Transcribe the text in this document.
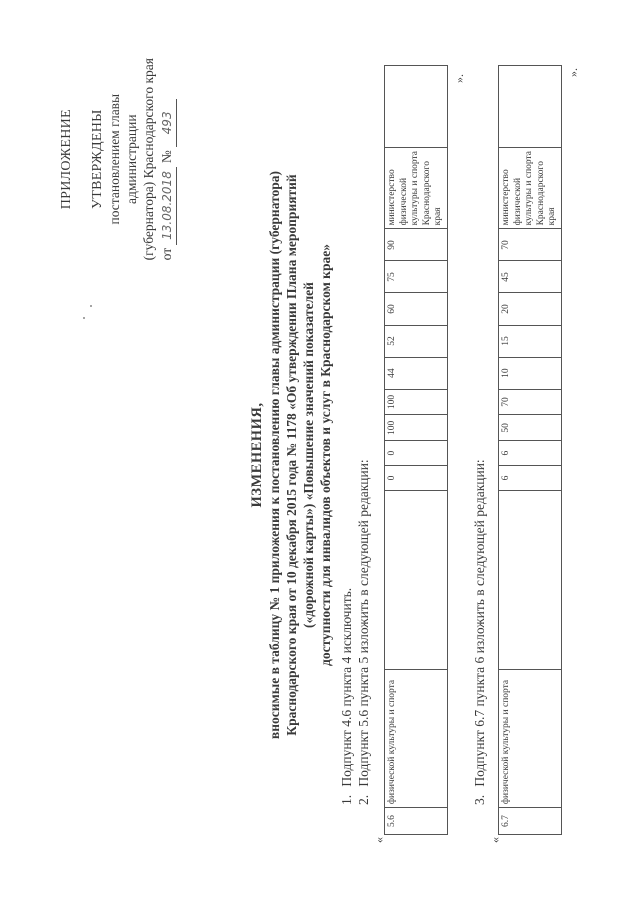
ПРИЛОЖЕНИЕ УТВЕРЖДЕНЫ постановлением главы администрации (губернатора) Краснодарского края от 13.08.2018 № 493
ИЗМЕНЕНИЯ, вносимые в таблицу № 1 приложения к постановлению главы администрации (губернатора) Краснодарского края от 10 декабря 2015 года № 1178 «Об утверждении Плана мероприятий («дорожной карты») «Повышение значений показателей доступности для инвалидов объектов и услуг в Краснодарском крае»
1. Подпункт 4.6 пункта 4 исключить.
2. Подпункт 5.6 пункта 5 изложить в следующей редакции:
«
5.6	физической культуры и спорта		0	0	100	100	44	52	60	75	90	министерство физической культуры и спорта Краснодарского края	
».
3. Подпункт 6.7 пункта 6 изложить в следующей редакции:
«
6.7	физической культуры и спорта		6	6	50	70	10	15	20	45	70	министерство физической культуры и спорта Краснодарского края	
».
